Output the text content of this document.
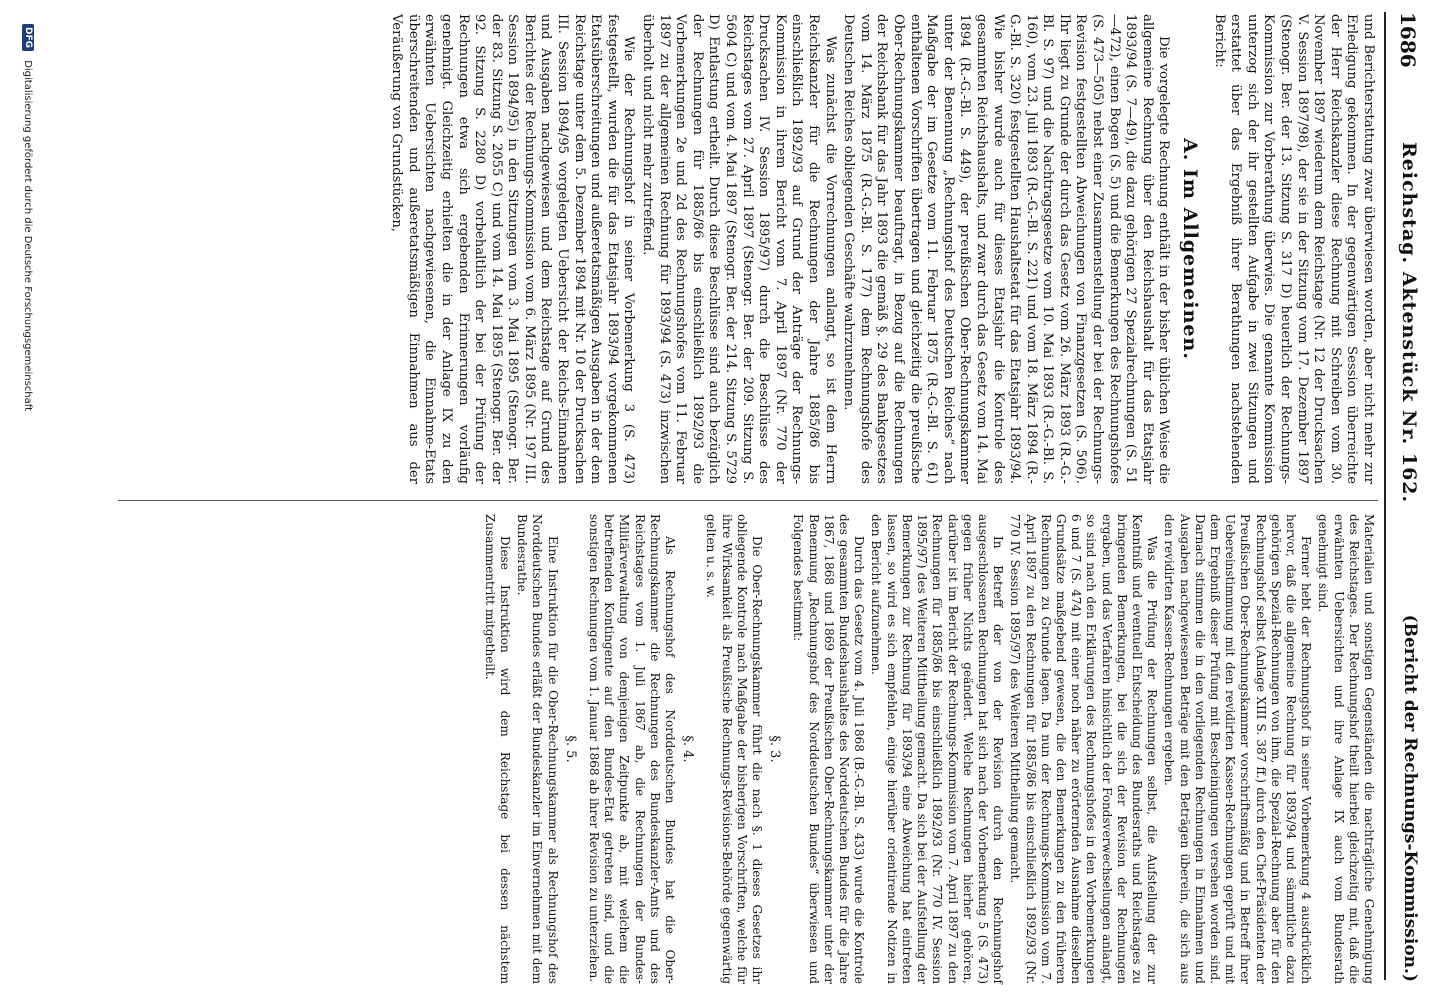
1686
Reichstag. Aktenstück Nr. 162.
(Bericht der Rechnungs-Kommission.)

und Berichterstattung zwar überwiesen worden, aber nicht mehr zur Erledigung gekommen. In der gegenwärtigen Session überreichte der Herr Reichskanzler diese Rechnung mit Schreiben vom 30. November 1897 wiederum dem Reichstage (Nr. 12 der Drucksachen V. Session 1897/98), der sie in der Sitzung vom 17. Dezember 1897 (Stenogr. Ber. der 13. Sitzung S. 317 D) heuerlich der Rechnungs-Kommission zur Vorberathung überwies. Die genannte Kommission unterzog sich der ihr gestellten Aufgabe in zwei Sitzungen und erstattet über das Ergebniß ihrer Berathungen nachstehenden Bericht:

A. Im Allgemeinen.

Die vorgelegte Rechnung enthält in der bisher üblichen Weise die allgemeine Rechnung über den Reichshaushalt für das Etatsjahr 1893/94 (S. 7—49), die dazu gehörigen 27 Spezialrechnungen (S. 51—472), einen Bogen (S. 5) und die Bemerkungen des Rechnungshofes (S. 473—505) nebst einer Zusammenstellung der bei der Rechnungs-Revision festgestellten Abweichungen von Finanzgesetzen (S. 506). Ihr liegt zu Grunde der durch das Gesetz vom 26. März 1893 (R.-G.-Bl. S. 97) und die Nachtragsgesetze vom 10. Mai 1893 (R.-G.-Bl. S. 160), vom 23. Juli 1893 (R.-G.-Bl. S. 221) und vom 18. März 1894 (R.-G.-Bl. S. 320) festgestellten Haushaltsetat für das Etatsjahr 1893/94. Wie bisher wurde auch für dieses Etatsjahr die Kontrole des gesammten Reichshaushalts, und zwar durch das Gesetz vom 14. Mai 1894 (R.-G.-Bl. S. 449), der preußischen Ober-Rechnungskammer unter der Benennung „Rechnungshof des Deutschen Reiches“ nach Maßgabe der im Gesetze vom 11. Februar 1875 (R.-G.-Bl. S. 61) enthaltenen Vorschriften übertragen und gleichzeitig die preußische Ober-Rechnungskammer beauftragt, in Bezug auf die Rechnungen der Reichsbank für das Jahr 1893 die gemäß §. 29 des Bankgesetzes vom 14. März 1875 (R.-G.-Bl. S. 177) dem Rechnungshofe des Deutschen Reiches obliegenden Geschäfte wahrzunehmen.

Was zunächst die Vorrechnungen anlangt, so ist dem Herrn Reichskanzler für die Rechnungen der Jahre 1885/86 bis einschließlich 1892/93 auf Grund der Anträge der Rechnungs-Kommission in ihrem Bericht vom 7. April 1897 (Nr. 770 der Drucksachen IV. Session 1895/97) durch die Beschlüsse des Reichstages vom 27. April 1897 (Stenogr. Ber. der 209. Sitzung S. 5604 C) und vom 4. Mai 1897 (Stenogr. Ber. der 214. Sitzung S. 5729 D) Entlastung ertheilt. Durch diese Beschlüsse sind auch bezüglich der Rechnungen für 1885/86 bis einschließlich 1892/93 die Vorbemerkungen 2e und 2d des Rechnungshofes vom 11. Februar 1897 zu der allgemeinen Rechnung für 1893/94 (S. 473) inzwischen überholt und nicht mehr zutreffend.

Wie der Rechnungshof in seiner Vorbemerkung 3 (S. 473) festgestellt, wurden die für das Etatsjahr 1893/94 vorgekommenen Etatsüberschreitungen und außeretatsmäßigen Ausgaben in der dem Reichstage unter dem 5. Dezember 1894 mit Nr. 10 der Drucksachen III. Session 1894/95 vorgelegten Uebersicht der Reichs-Einnahmen und Ausgaben nachgewiesen und dem Reichstage auf Grund des Berichtes der Rechnungs-Kommission vom 6. März 1895 (Nr. 197 III. Session 1894/95) in den Sitzungen vom 3. Mai 1895 (Stenogr. Ber. der 83. Sitzung S. 2055 C) und vom 14. Mai 1895 (Stenogr. Ber. der 92. Sitzung S. 2280 D) vorbehaltlich der bei der Prüfung der Rechnungen etwa sich ergebenden Erinnerungen vorläufig genehmigt. Gleichzeitig erhielten die in der Anlage IX zu den erwähnten Uebersichten nachgewiesenen, die Einnahme-Etats überschreitenden und außeretatsmäßigen Einnahmen aus der Veräußerung von Grundstücken,

Materialien und sonstigen Gegenständen die nachträgliche Genehmigung des Reichstages. Der Rechnungshof theilt hierbei gleichzeitig mit, daß die erwähnten Uebersichten und ihre Anlage IX auch vom Bundesrath genehmigt sind.

Ferner hebt der Rechnungshof in seiner Vorbemerkung 4 ausdrücklich hervor, daß die allgemeine Rechnung für 1893/94 und sämmtliche dazu gehörigen Spezial-Rechnungen von ihm, die Spezial-Rechnung aber für den Rechnungshof selbst (Anlage XIII S. 387 ff.) durch den Chef-Präsidenten der Preußischen Ober-Rechnungskammer vorschriftsmäßig und in Betreff ihrer Uebereinstimmung mit den revidirten Kassen-Rechnungen geprüft und mit dem Ergebniß dieser Prüfung mit Bescheinigungen versehen worden sind. Darnach stimmen die in den vorliegenden Rechnungen in Einnahmen und Ausgaben nachgewiesenen Beträge mit den Beträgen überein, die sich aus den revidirten Kassen-Rechnungen ergeben.

Was die Prüfung der Rechnungen selbst, die Aufstellung der zur Kenntniß und eventuell Entscheidung des Bundesraths und Reichstages zu bringenden Bemerkungen, bei die sich der Revision der Rechnungen ergaben, und das Verfahren hinsichtlich der Fondsverwechselungen anlangt, so sind nach den Erklärungen des Rechnungshofes in den Vorbemerkungen 6 und 7 (S. 474) mit einer noch näher zu erörternden Ausnahme dieselben Grundsätze maßgebend gewesen, die den Bemerkungen zu den früheren Rechnungen zu Grunde lagen. Da nun der Rechnungs-Kommission vom 7. April 1897 zu den Rechnungen für 1885/86 bis einschließlich 1892/93 (Nr. 770 IV. Session 1895/97) des Weiteren Mittheilung gemacht.

In Betreff der von der Revision durch den Rechnungshof ausgeschlossenen Rechnungen hat sich nach der Vorbemerkung 5 (S. 473) gegen früher Nichts geändert. Welche Rechnungen hierher gehören, darüber ist im Bericht der Rechnungs-Kommission vom 7. April 1897 zu den Rechnungen für 1885/86 bis einschließlich 1892/93 (Nr. 770 IV. Session 1895/97) des Weiteren Mittheilung gemacht. Da sich bei der Aufstellung der Bemerkungen zur Rechnung für 1893/94 eine Abweichung hat eintreten lassen, so wird es sich empfehlen, einige hierüber orientirende Notizen in den Bericht aufzunehmen.

Durch das Gesetz vom 4. Juli 1868 (B.-G.-Bl. S. 433) wurde die Kontrole des gesammten Bundeshaushaltes des Norddeutschen Bundes für die Jahre 1867, 1868 und 1869 der Preußischen Ober-Rechnungskammer unter der Benennung „Rechnungshof des Norddeutschen Bundes“ überwiesen und Folgendes bestimmt:

§. 3.

Die Ober-Rechnungskammer führt die nach §. 1 dieses Gesetzes ihr obliegende Kontrole nach Maßgabe der bisherigen Vorschriften, welche für ihre Wirksamkeit als Preußische Rechnungs-Revisions-Behörde gegenwärtig gelten u. s. w.

§. 4.

Als Rechnungshof des Norddeutschen Bundes hat die Ober-Rechnungskammer die Rechnungen des Bundeskanzler-Amts und des Reichstages vom 1. Juli 1867 ab, die Rechnungen der Bundes-Militärverwaltung von demjenigen Zeitpunkte ab, mit welchem die betreffenden Kontingente auf den Bundes-Etat getreten sind, und die sonstigen Rechnungen vom 1. Januar 1868 ab ihrer Revision zu unterziehen.

§. 5.

Eine Instruktion für die Ober-Rechnungskammer als Rechnungshof des Norddeutschen Bundes erläßt der Bundeskanzler im Einvernehmen mit dem Bundesrathe.

Diese Instruktion wird dem Reichstage bei dessen nächstem Zusammentritt mitgetheilt.

DFG Digitalisierung gefördert durch die Deutsche Forschungsgemeinschaft
